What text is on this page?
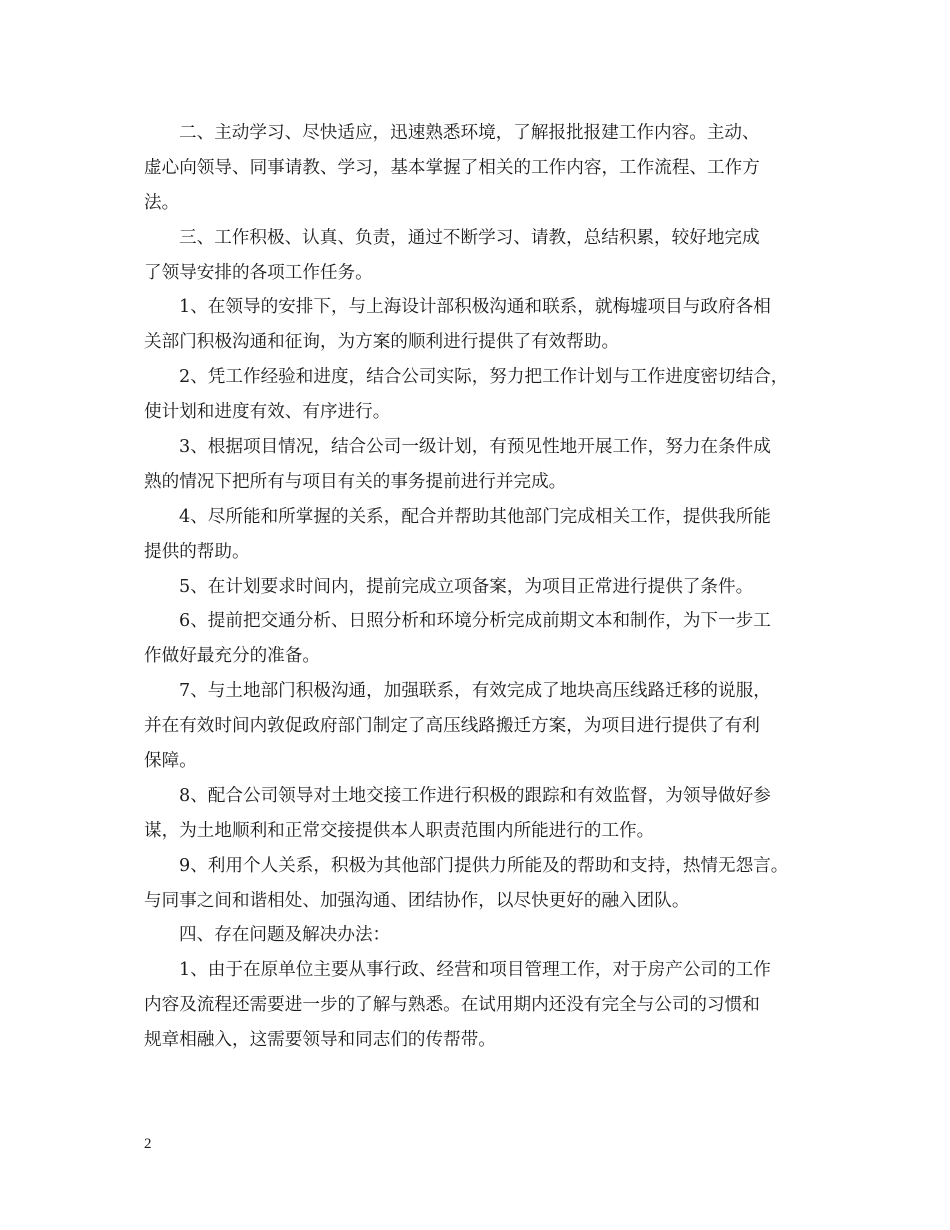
二、主动学习、尽快适应，迅速熟悉环境，了解报批报建工作内容。主动、
虚心向领导、同事请教、学习，基本掌握了相关的工作内容，工作流程、工作方
法。
三、工作积极、认真、负责，通过不断学习、请教，总结积累，较好地完成
了领导安排的各项工作任务。
1、在领导的安排下，与上海设计部积极沟通和联系，就梅墟项目与政府各相
关部门积极沟通和征询，为方案的顺利进行提供了有效帮助。
2、凭工作经验和进度，结合公司实际，努力把工作计划与工作进度密切结合，
使计划和进度有效、有序进行。
3、根据项目情况，结合公司一级计划，有预见性地开展工作，努力在条件成
熟的情况下把所有与项目有关的事务提前进行并完成。
4、尽所能和所掌握的关系，配合并帮助其他部门完成相关工作，提供我所能
提供的帮助。
5、在计划要求时间内，提前完成立项备案，为项目正常进行提供了条件。
6、提前把交通分析、日照分析和环境分析完成前期文本和制作，为下一步工
作做好最充分的准备。
7、与土地部门积极沟通，加强联系，有效完成了地块高压线路迁移的说服，
并在有效时间内敦促政府部门制定了高压线路搬迁方案，为项目进行提供了有利
保障。
8、配合公司领导对土地交接工作进行积极的跟踪和有效监督，为领导做好参
谋，为土地顺利和正常交接提供本人职责范围内所能进行的工作。
9、利用个人关系，积极为其他部门提供力所能及的帮助和支持，热情无怨言。
与同事之间和谐相处、加强沟通、团结协作，以尽快更好的融入团队。
四、存在问题及解决办法：
1、由于在原单位主要从事行政、经营和项目管理工作，对于房产公司的工作
内容及流程还需要进一步的了解与熟悉。在试用期内还没有完全与公司的习惯和
规章相融入，这需要领导和同志们的传帮带。
2
